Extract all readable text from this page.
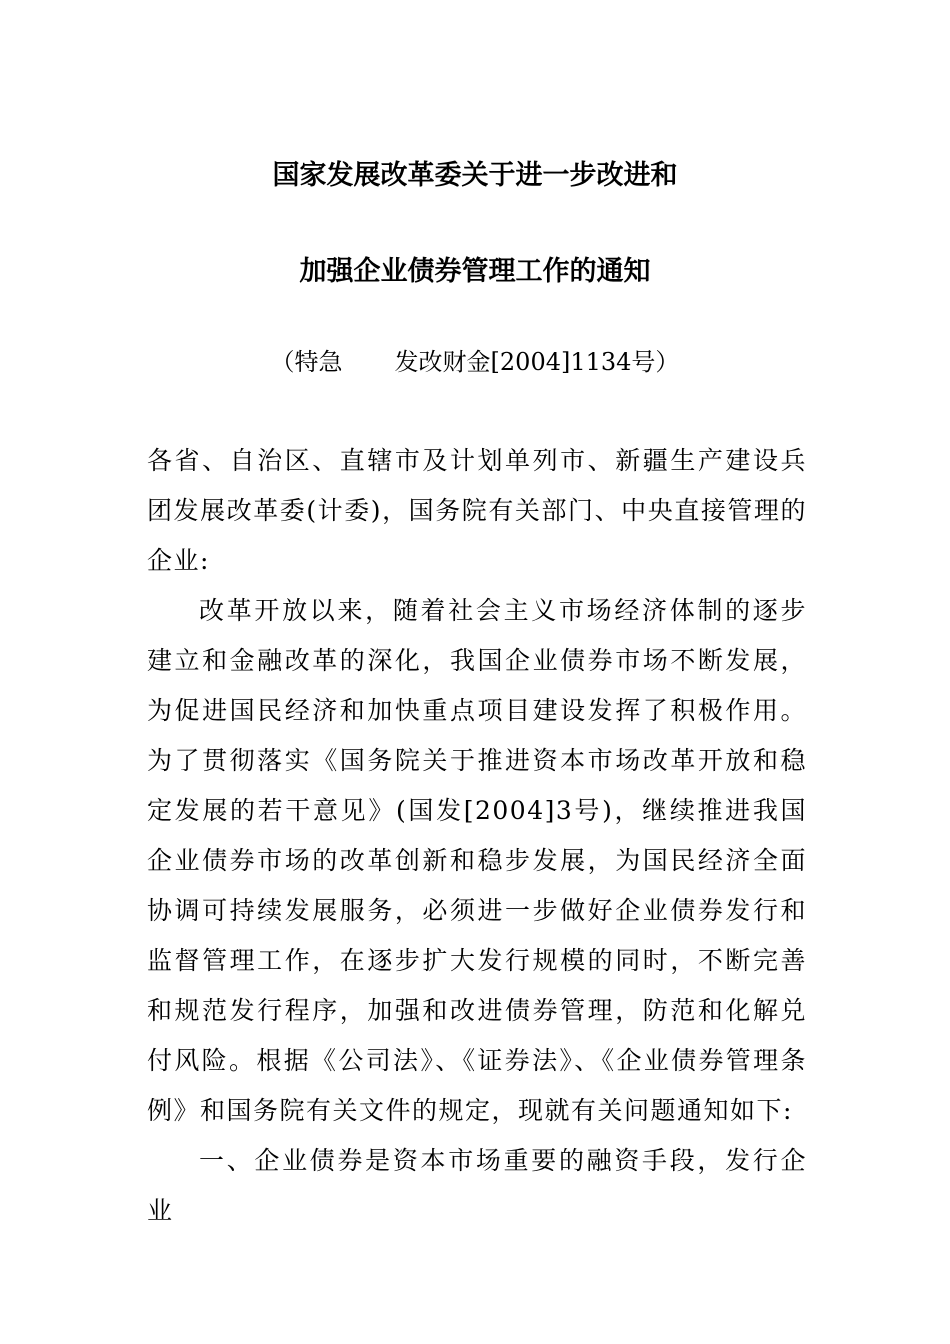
国家发展改革委关于进一步改进和
加强企业债券管理工作的通知
（特急 发改财金[2004]1134号）

各省、自治区、直辖市及计划单列市、新疆生产建设兵团发展改革委(计委)，国务院有关部门、中央直接管理的企业:

改革开放以来，随着社会主义市场经济体制的逐步建立和金融改革的深化，我国企业债券市场不断发展，为促进国民经济和加快重点项目建设发挥了积极作用。为了贯彻落实《国务院关于推进资本市场改革开放和稳定发展的若干意见》(国发[2004]3号)，继续推进我国企业债券市场的改革创新和稳步发展，为国民经济全面协调可持续发展服务，必须进一步做好企业债券发行和监督管理工作，在逐步扩大发行规模的同时，不断完善和规范发行程序，加强和改进债券管理，防范和化解兑付风险。根据《公司法》、《证券法》、《企业债券管理条例》和国务院有关文件的规定，现就有关问题通知如下:

一、企业债券是资本市场重要的融资手段，发行企业
